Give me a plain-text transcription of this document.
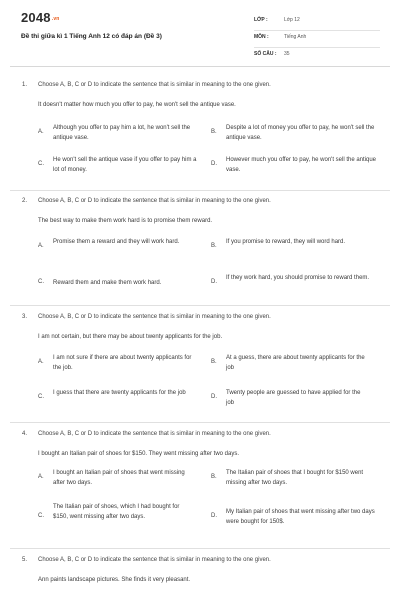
$2048^{.vn}$
Đề thi giữa kì 1 Tiếng Anh 12 có đáp án (Đề 3)
LỚP :	Lớp 12
MÔN :	Tiếng Anh
SỐ CÂU : 35
1. Choose A, B, C or D to indicate the sentence that is similar in meaning to the one given.
It doesn't matter how much you offer to pay, he won't sell the antique vase.
A.
Although you offer to pay him a lot, he won't sell the antique vase.
B.
Despite a lot of money you offer to pay, he won't sell the antique vase.
C.
He won't sell the antique vase if you offer to pay him a lot of money.
D.
However much you offer to pay, he won't sell the antique vase.
2. Choose A, B, C or D to indicate the sentence that is similar in meaning to the one given.
The best way to make them work hard is to promise them reward.
A.
Promise them a reward and they will work hard.
B.
If you promise to reward, they will word hard.
C. Reward them and make them work hard.	D.
If they work hard, you should promise to reward them.
3. Choose A, B, C or D to indicate the sentence that is similar in meaning to the one given.
I am not certain, but there may be about twenty applicants for the job.
A.
I am not sure if there are about twenty applicants for the job.
B.
At a guess, there are about twenty applicants for the job
C.
I guess that there are twenty applicants for the job
D.
Twenty people are guessed to have applied for the job
4. Choose A, B, C or D to indicate the sentence that is similar in meaning to the one given.
I bought an Italian pair of shoes for $150. They went missing after two days.
A.
I bought an Italian pair of shoes that went missing after two days.
B.
The Italian pair of shoes that I bought for $150 went missing after two days.
C.
The Italian pair of shoes, which I had bought for $150, went missing after two days.	D.
My Italian pair of shoes that went missing after two days were bought for 150$.
5. Choose A, B, C or D to indicate the sentence that is similar in meaning to the one given.
Ann paints landscape pictures. She finds it very pleasant.
